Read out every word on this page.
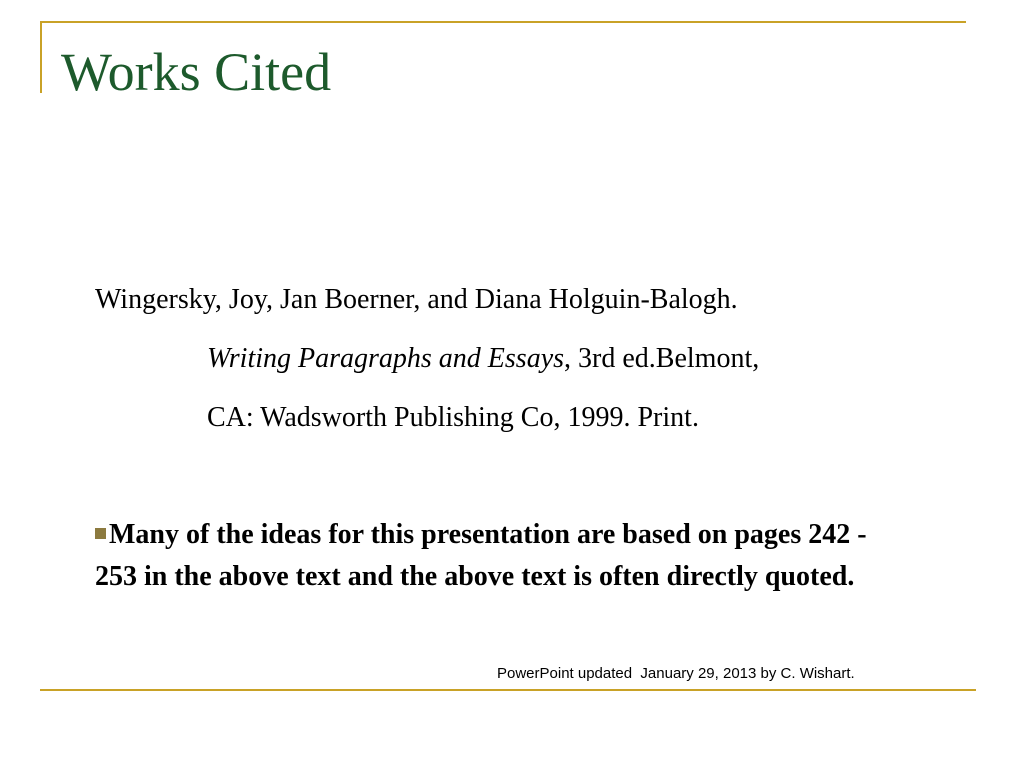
Works Cited
Wingersky, Joy, Jan Boerner, and Diana Holguin-Balogh.
Writing Paragraphs and Essays, 3rd ed.Belmont,
CA: Wadsworth Publishing Co, 1999. Print.
Many of the ideas for this presentation are based on pages 242 - 253 in the above text and the above text is often directly quoted.
PowerPoint updated  January 29, 2013 by C. Wishart.
